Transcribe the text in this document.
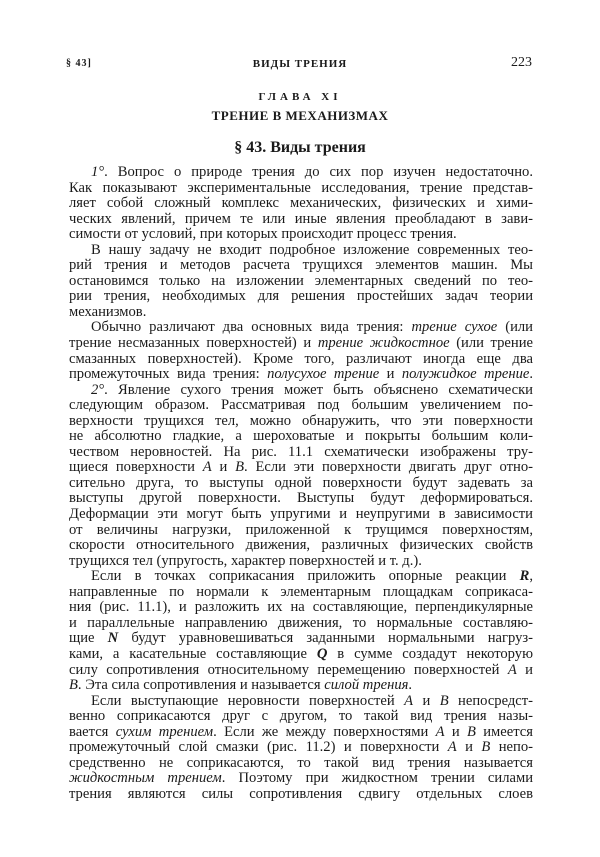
§ 43]	ВИДЫ ТРЕНИЯ	223
ГЛАВА XI
ТРЕНИЕ В МЕХАНИЗМАХ
§ 43. Виды трения
1°. Вопрос о природе трения до сих пор изучен недостаточно.
Как показывают экспериментальные исследования, трение представ-
ляет собой сложный комплекс механических, физических и хими-
ческих явлений, причем те или иные явления преобладают в зави-
симости от условий, при которых происходит процесс трения.
В нашу задачу не входит подробное изложение современных тео-
рий трения и методов расчета трущихся элементов машин. Мы
остановимся только на изложении элементарных сведений по тео-
рии трения, необходимых для решения простейших задач теории
механизмов.
Обычно различают два основных вида трения: трение сухое (или
трение несмазанных поверхностей) и трение жидкостное (или трение
смазанных поверхностей). Кроме того, различают иногда еще два
промежуточных вида трения: полусухое трение и полужидкое трение.
2°. Явление сухого трения может быть объяснено схематически
следующим образом. Рассматривая под большим увеличением по-
верхности трущихся тел, можно обнаружить, что эти поверхности
не абсолютно гладкие, а шероховатые и покрыты большим коли-
чеством неровностей. На рис. 11.1 схематически изображены тру-
щиеся поверхности A и B. Если эти поверхности двигать друг отно-
сительно друга, то выступы одной поверхности будут задевать за
выступы другой поверхности. Выступы будут деформироваться.
Деформации эти могут быть упругими и неупругими в зависимости
от величины нагрузки, приложенной к трущимся поверхностям,
скорости относительного движения, различных физических свойств
трущихся тел (упругость, характер поверхностей и т. д.).
Если в точках соприкасания приложить опорные реакции R,
направленные по нормали к элементарным площадкам соприкаса-
ния (рис. 11.1), и разложить их на составляющие, перпендикулярные
и параллельные направлению движения, то нормальные составляю-
щие N будут уравновешиваться заданными нормальными нагруз-
ками, а касательные составляющие Q в сумме создадут некоторую
силу сопротивления относительному перемещению поверхностей A и
B. Эта сила сопротивления и называется силой трения.
Если выступающие неровности поверхностей A и B непосредст-
венно соприкасаются друг с другом, то такой вид трения назы-
вается сухим трением. Если же между поверхностями A и B имеется
промежуточный слой смазки (рис. 11.2) и поверхности A и B непо-
средственно не соприкасаются, то такой вид трения называется
жидкостным трением. Поэтому при жидкостном трении силами
трения являются силы сопротивления сдвигу отдельных слоев
